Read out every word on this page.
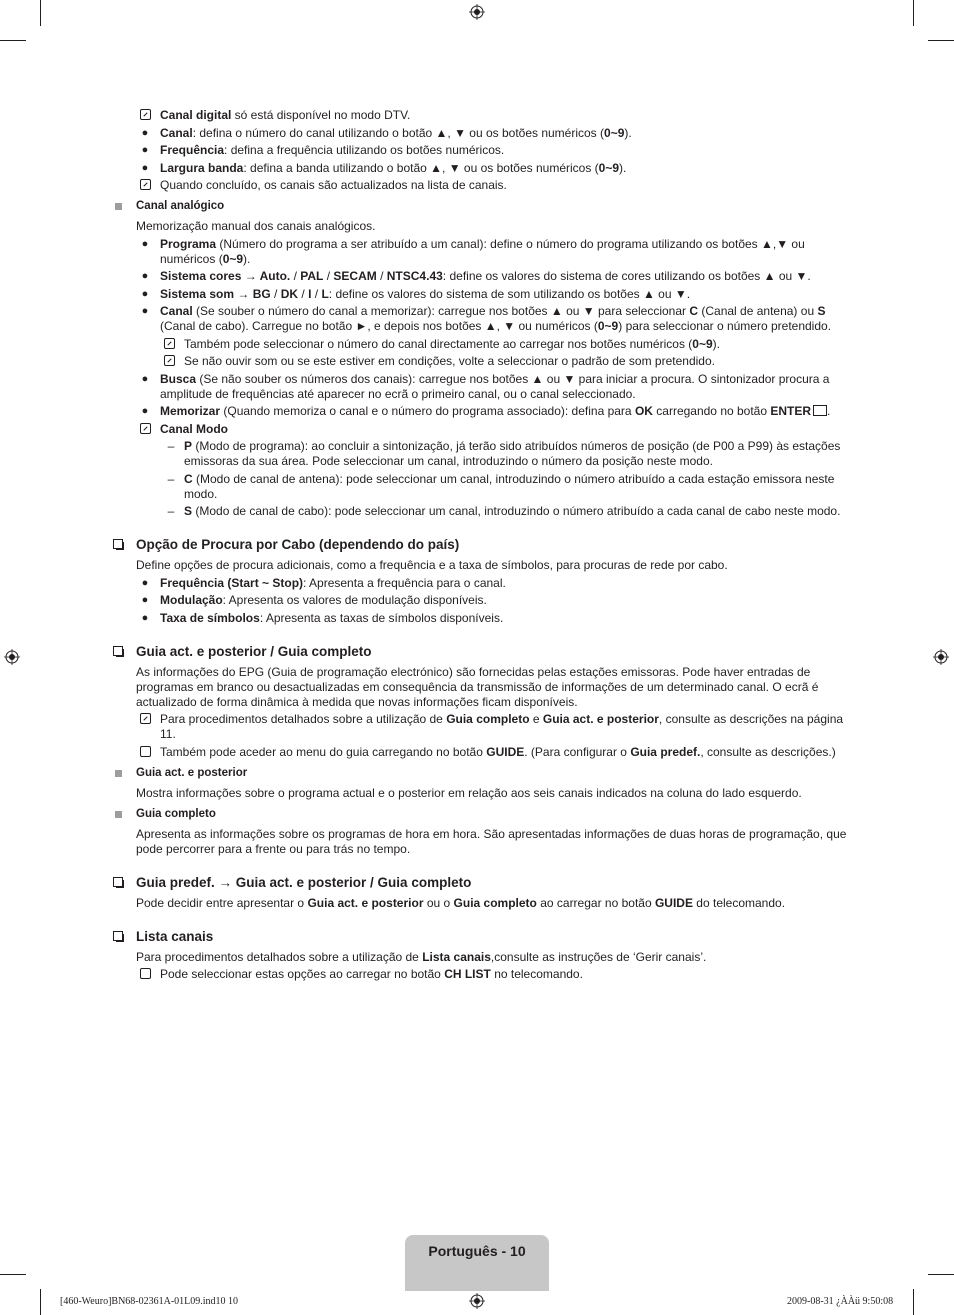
Canal digital só está disponível no modo DTV.
● Canal: defina o número do canal utilizando o botão ▲, ▼ ou os botões numéricos (0~9).
● Frequência: defina a frequência utilizando os botões numéricos.
● Largura banda: defina a banda utilizando o botão ▲, ▼ ou os botões numéricos (0~9).
Quando concluído, os canais são actualizados na lista de canais.
Canal analógico
Memorização manual dos canais analógicos.
● Programa (Número do programa a ser atribuído a um canal): define o número do programa utilizando os botões ▲,▼ ou numéricos (0~9).
● Sistema cores → Auto. / PAL / SECAM / NTSC4.43: define os valores do sistema de cores utilizando os botões ▲ ou ▼.
● Sistema som → BG / DK / I / L: define os valores do sistema de som utilizando os botões ▲ ou ▼.
● Canal (Se souber o número do canal a memorizar): carregue nos botões ▲ ou ▼ para seleccionar C (Canal de antena) ou S (Canal de cabo). Carregue no botão ►, e depois nos botões ▲, ▼ ou numéricos (0~9) para seleccionar o número pretendido.
Também pode seleccionar o número do canal directamente ao carregar nos botões numéricos (0~9).
Se não ouvir som ou se este estiver em condições, volte a seleccionar o padrão de som pretendido.
● Busca (Se não souber os números dos canais): carregue nos botões ▲ ou ▼ para iniciar a procura. O sintonizador procura a amplitude de frequências até aparecer no ecrã o primeiro canal, ou o canal seleccionado.
● Memorizar (Quando memoriza o canal e o número do programa associado): defina para OK carregando no botão ENTER .
Canal Modo
– P (Modo de programa): ao concluir a sintonização, já terão sido atribuídos números de posição (de P00 a P99) às estações emissoras da sua área. Pode seleccionar um canal, introduzindo o número da posição neste modo.
– C (Modo de canal de antena): pode seleccionar um canal, introduzindo o número atribuído a cada estação emissora neste modo.
– S (Modo de canal de cabo): pode seleccionar um canal, introduzindo o número atribuído a cada canal de cabo neste modo.
Opção de Procura por Cabo (dependendo do país)
Define opções de procura adicionais, como a frequência e a taxa de símbolos, para procuras de rede por cabo.
● Frequência (Start ~ Stop): Apresenta a frequência para o canal.
● Modulação: Apresenta os valores de modulação disponíveis.
● Taxa de símbolos: Apresenta as taxas de símbolos disponíveis.
Guia act. e posterior / Guia completo
As informações do EPG (Guia de programação electrónico) são fornecidas pelas estações emissoras. Pode haver entradas de programas em branco ou desactualizadas em consequência da transmissão de informações de um determinado canal. O ecrã é actualizado de forma dinâmica à medida que novas informações ficam disponíveis.
Para procedimentos detalhados sobre a utilização de Guia completo e Guia act. e posterior, consulte as descrições na página 11.
Também pode aceder ao menu do guia carregando no botão GUIDE. (Para configurar o Guia predef., consulte as descrições.)
Guia act. e posterior
Mostra informações sobre o programa actual e o posterior em relação aos seis canais indicados na coluna do lado esquerdo.
Guia completo
Apresenta as informações sobre os programas de hora em hora. São apresentadas informações de duas horas de programação, que pode percorrer para a frente ou para trás no tempo.
Guia predef. → Guia act. e posterior / Guia completo
Pode decidir entre apresentar o Guia act. e posterior ou o Guia completo ao carregar no botão GUIDE do telecomando.
Lista canais
Para procedimentos detalhados sobre a utilização de Lista canais,consulte as instruções de ‘Gerir canais’.
Pode seleccionar estas opções ao carregar no botão CH LIST no telecomando.
Português - 10
[460-Weuro]BN68-02361A-01L09.ind10 10	2009-08-31 ¿ÀÀü 9:50:08
